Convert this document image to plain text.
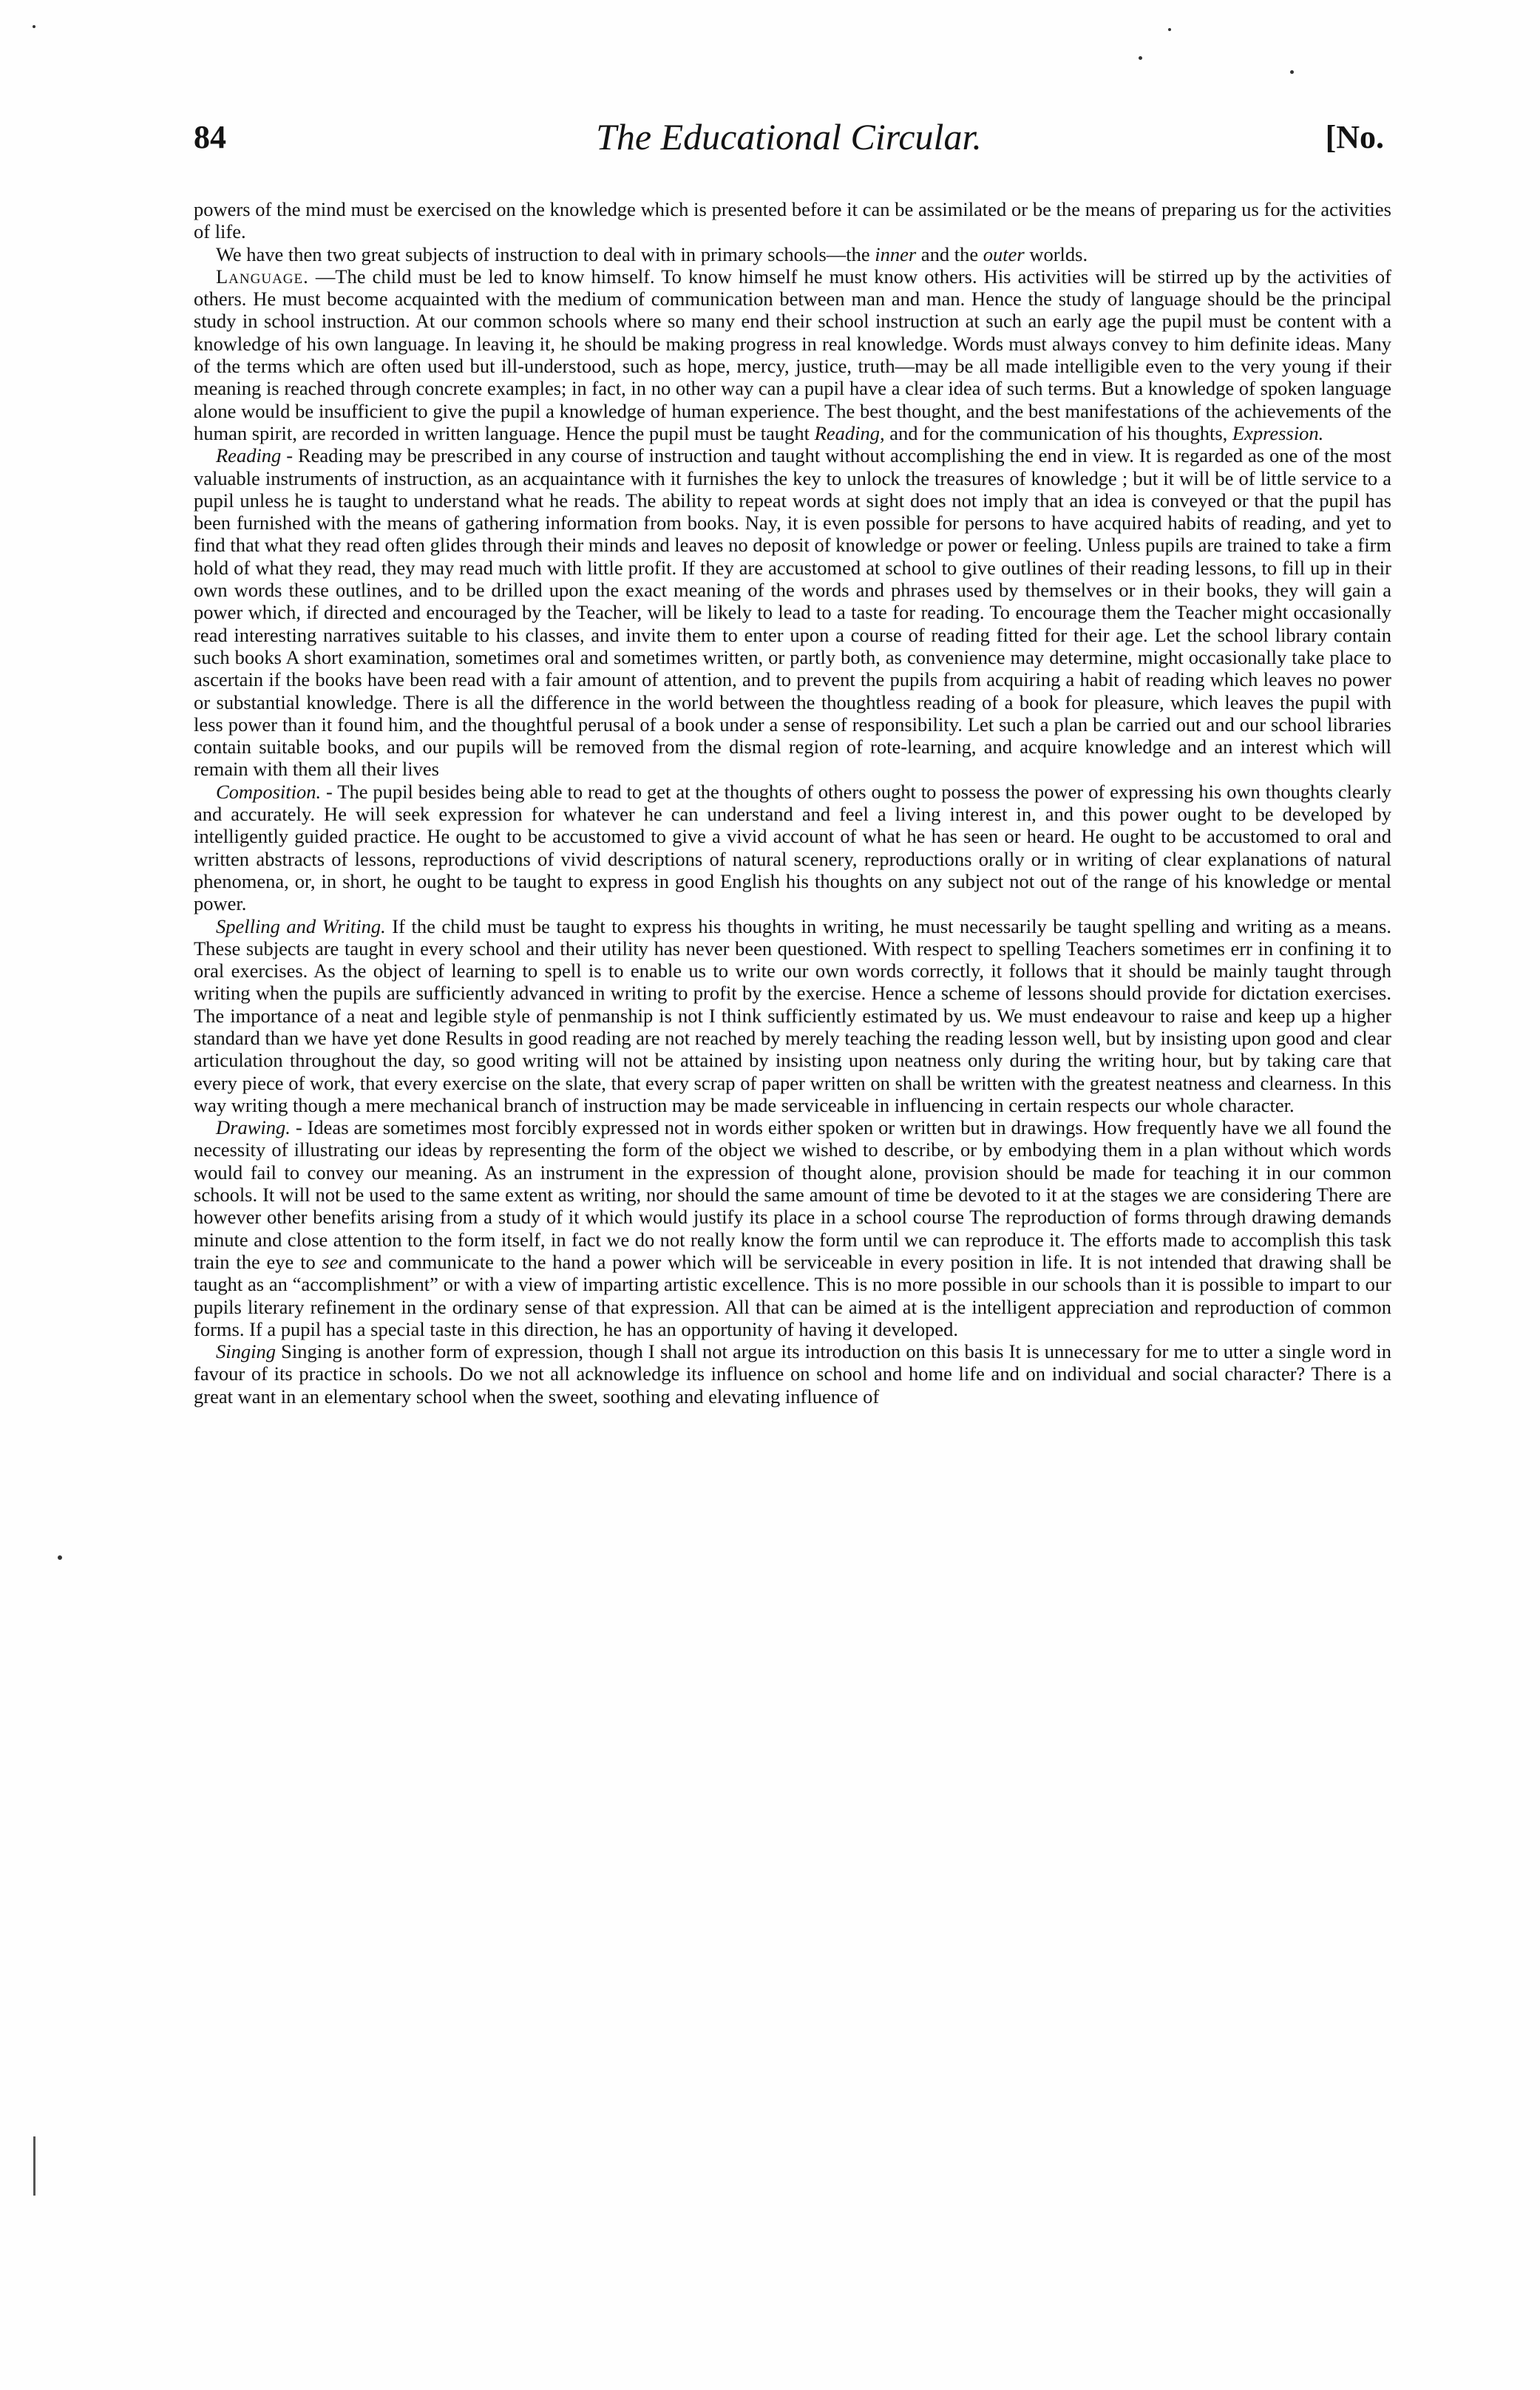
84	The Educational Circular.	[No.

powers of the mind must be exercised on the knowledge which is presented before it can be assimilated or be the means of preparing us for the activities of life.

We have then two great subjects of instruction to deal with in primary schools—the inner and the outer worlds.

Language. —The child must be led to know himself. To know himself he must know others. His activities will be stirred up by the activities of others. He must become acquainted with the medium of communication between man and man. Hence the study of language should be the principal study in school instruction. At our common schools where so many end their school instruction at such an early age the pupil must be content with a knowledge of his own language. In leaving it, he should be making progress in real knowledge. Words must always convey to him definite ideas. Many of the terms which are often used but ill-understood, such as hope, mercy, justice, truth—may be all made intelligible even to the very young if their meaning is reached through concrete examples; in fact, in no other way can a pupil have a clear idea of such terms. But a knowledge of spoken language alone would be insufficient to give the pupil a knowledge of human experience. The best thought, and the best manifestations of the achievements of the human spirit, are recorded in written language. Hence the pupil must be taught Reading, and for the communication of his thoughts, Expression.

Reading - Reading may be prescribed in any course of instruction and taught without accomplishing the end in view. It is regarded as one of the most valuable instruments of instruction, as an acquaintance with it furnishes the key to unlock the treasures of knowledge ; but it will be of little service to a pupil unless he is taught to understand what he reads. The ability to repeat words at sight does not imply that an idea is conveyed or that the pupil has been furnished with the means of gathering information from books. Nay, it is even possible for persons to have acquired habits of reading, and yet to find that what they read often glides through their minds and leaves no deposit of knowledge or power or feeling. Unless pupils are trained to take a firm hold of what they read, they may read much with little profit. If they are accustomed at school to give outlines of their reading lessons, to fill up in their own words these outlines, and to be drilled upon the exact meaning of the words and phrases used by themselves or in their books, they will gain a power which, if directed and encouraged by the Teacher, will be likely to lead to a taste for reading. To encourage them the Teacher might occasionally read interesting narratives suitable to his classes, and invite them to enter upon a course of reading fitted for their age. Let the school library contain such books A short examination, sometimes oral and sometimes written, or partly both, as convenience may determine, might occasionally take place to ascertain if the books have been read with a fair amount of attention, and to prevent the pupils from acquiring a habit of reading which leaves no power or substantial knowledge. There is all the difference in the world between the thoughtless reading of a book for pleasure, which leaves the pupil with less power than it found him, and the thoughtful perusal of a book under a sense of responsibility. Let such a plan be carried out and our school libraries contain suitable books, and our pupils will be removed from the dismal region of rote-learning, and acquire knowledge and an interest which will remain with them all their lives

Composition. - The pupil besides being able to read to get at the thoughts of others ought to possess the power of expressing his own thoughts clearly and accurately. He will seek expression for whatever he can understand and feel a living interest in, and this power ought to be developed by intelligently guided practice. He ought to be accustomed to give a vivid account of what he has seen or heard. He ought to be accustomed to oral and written abstracts of lessons, reproductions of vivid descriptions of natural scenery, reproductions orally or in writing of clear explanations of natural phenomena, or, in short, he ought to be taught to express in good English his thoughts on any subject not out of the range of his knowledge or mental power.

Spelling and Writing. If the child must be taught to express his thoughts in writing, he must necessarily be taught spelling and writing as a means. These subjects are taught in every school and their utility has never been questioned. With respect to spelling Teachers sometimes err in confining it to oral exercises. As the object of learning to spell is to enable us to write our own words correctly, it follows that it should be mainly taught through writing when the pupils are sufficiently advanced in writing to profit by the exercise. Hence a scheme of lessons should provide for dictation exercises. The importance of a neat and legible style of penmanship is not I think sufficiently estimated by us. We must endeavour to raise and keep up a higher standard than we have yet done Results in good reading are not reached by merely teaching the reading lesson well, but by insisting upon good and clear articulation throughout the day, so good writing will not be attained by insisting upon neatness only during the writing hour, but by taking care that every piece of work, that every exercise on the slate, that every scrap of paper written on shall be written with the greatest neatness and clearness. In this way writing though a mere mechanical branch of instruction may be made serviceable in influencing in certain respects our whole character.

Drawing. - Ideas are sometimes most forcibly expressed not in words either spoken or written but in drawings. How frequently have we all found the necessity of illustrating our ideas by representing the form of the object we wished to describe, or by embodying them in a plan without which words would fail to convey our meaning. As an instrument in the expression of thought alone, provision should be made for teaching it in our common schools. It will not be used to the same extent as writing, nor should the same amount of time be devoted to it at the stages we are considering There are however other benefits arising from a study of it which would justify its place in a school course The reproduction of forms through drawing demands minute and close attention to the form itself, in fact we do not really know the form until we can reproduce it. The efforts made to accomplish this task train the eye to see and communicate to the hand a power which will be serviceable in every position in life. It is not intended that drawing shall be taught as an “accomplishment” or with a view of imparting artistic excellence. This is no more possible in our schools than it is possible to impart to our pupils literary refinement in the ordinary sense of that expression. All that can be aimed at is the intelligent appreciation and reproduction of common forms. If a pupil has a special taste in this direction, he has an opportunity of having it developed.

Singing Singing is another form of expression, though I shall not argue its introduction on this basis It is unnecessary for me to utter a single word in favour of its practice in schools. Do we not all acknowledge its influence on school and home life and on individual and social character? There is a great want in an elementary school when the sweet, soothing and elevating influence of
